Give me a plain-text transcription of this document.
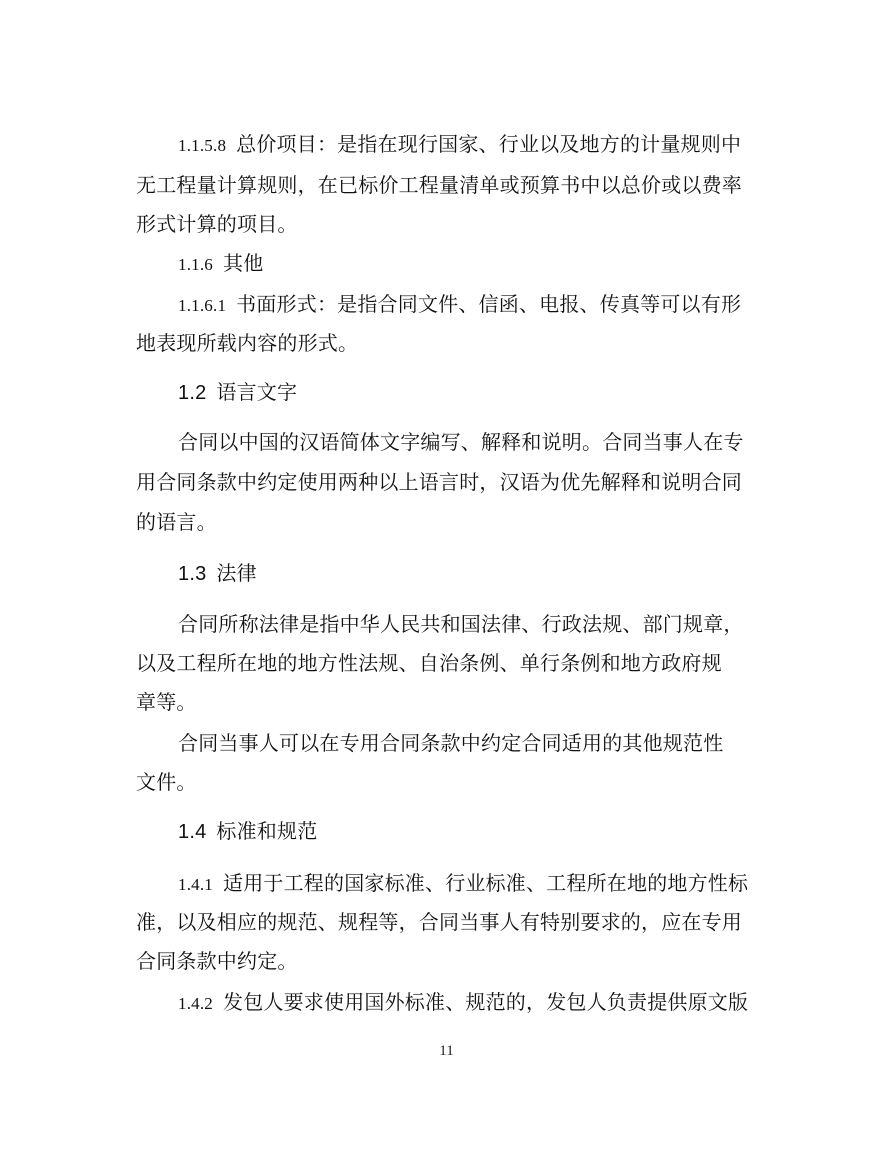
1.1.5.8 总价项目：是指在现行国家、行业以及地方的计量规则中
无工程量计算规则，在已标价工程量清单或预算书中以总价或以费率
形式计算的项目。
1.1.6 其他
1.1.6.1 书面形式：是指合同文件、信函、电报、传真等可以有形
地表现所载内容的形式。
1.2 语言文字
合同以中国的汉语简体文字编写、解释和说明。合同当事人在专
用合同条款中约定使用两种以上语言时，汉语为优先解释和说明合同
的语言。
1.3 法律
合同所称法律是指中华人民共和国法律、行政法规、部门规章，
以及工程所在地的地方性法规、自治条例、单行条例和地方政府规
章等。
合同当事人可以在专用合同条款中约定合同适用的其他规范性
文件。
1.4 标准和规范
1.4.1 适用于工程的国家标准、行业标准、工程所在地的地方性标
准，以及相应的规范、规程等，合同当事人有特别要求的，应在专用
合同条款中约定。
1.4.2 发包人要求使用国外标准、规范的，发包人负责提供原文版
11
